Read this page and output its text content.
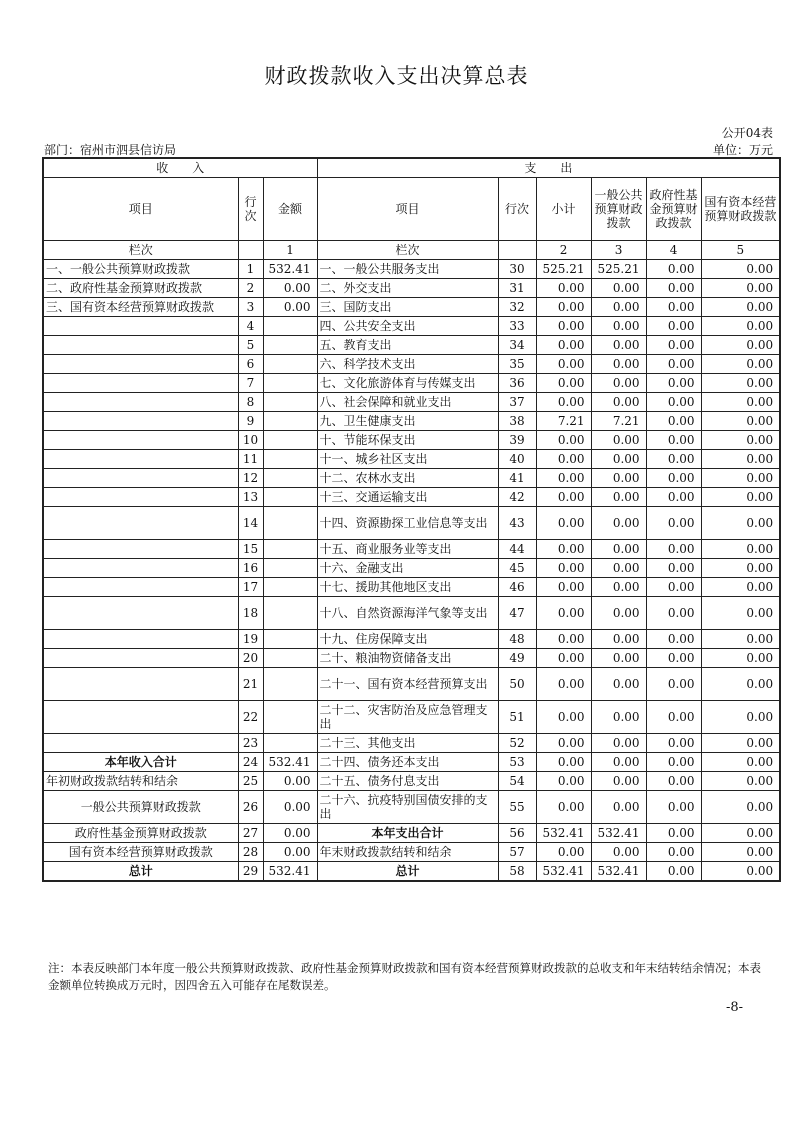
财政拨款收入支出决算总表
公开04表
部门：宿州市泗县信访局	单位：万元
收　　入			支　　出					
项目	行次	金额	项目	行次	小计	一般公共预算财政拨款	政府性基金预算财政拨款	国有资本经营预算财政拨款
栏次		1	栏次		2	3	4	5
一、一般公共预算财政拨款	1	532.41	一、一般公共服务支出	30	525.21	525.21	0.00	0.00
二、政府性基金预算财政拨款	2	0.00	二、外交支出	31	0.00	0.00	0.00	0.00
三、国有资本经营预算财政拨款	3	0.00	三、国防支出	32	0.00	0.00	0.00	0.00
	4		四、公共安全支出	33	0.00	0.00	0.00	0.00
	5		五、教育支出	34	0.00	0.00	0.00	0.00
	6		六、科学技术支出	35	0.00	0.00	0.00	0.00
	7		七、文化旅游体育与传媒支出	36	0.00	0.00	0.00	0.00
	8		八、社会保障和就业支出	37	0.00	0.00	0.00	0.00
	9		九、卫生健康支出	38	7.21	7.21	0.00	0.00
	10		十、节能环保支出	39	0.00	0.00	0.00	0.00
	11		十一、城乡社区支出	40	0.00	0.00	0.00	0.00
	12		十二、农林水支出	41	0.00	0.00	0.00	0.00
	13		十三、交通运输支出	42	0.00	0.00	0.00	0.00
	14		十四、资源勘探工业信息等支出	43	0.00	0.00	0.00	0.00
	15		十五、商业服务业等支出	44	0.00	0.00	0.00	0.00
	16		十六、金融支出	45	0.00	0.00	0.00	0.00
	17		十七、援助其他地区支出	46	0.00	0.00	0.00	0.00
	18		十八、自然资源海洋气象等支出	47	0.00	0.00	0.00	0.00
	19		十九、住房保障支出	48	0.00	0.00	0.00	0.00
	20		二十、粮油物资储备支出	49	0.00	0.00	0.00	0.00
	21		二十一、国有资本经营预算支出	50	0.00	0.00	0.00	0.00
	22		二十二、灾害防治及应急管理支出	51	0.00	0.00	0.00	0.00
	23		二十三、其他支出	52	0.00	0.00	0.00	0.00
本年收入合计	24	532.41	二十四、债务还本支出	53	0.00	0.00	0.00	0.00
年初财政拨款结转和结余	25	0.00	二十五、债务付息支出	54	0.00	0.00	0.00	0.00
一般公共预算财政拨款	26	0.00	二十六、抗疫特别国债安排的支出	55	0.00	0.00	0.00	0.00
政府性基金预算财政拨款	27	0.00	本年支出合计	56	532.41	532.41	0.00	0.00
国有资本经营预算财政拨款	28	0.00	年末财政拨款结转和结余	57	0.00	0.00	0.00	0.00
总计	29	532.41	总计	58	532.41	532.41	0.00	0.00
注：本表反映部门本年度一般公共预算财政拨款、政府性基金预算财政拨款和国有资本经营预算财政拨款的总收支和年末结转结余情况；本表金额单位转换成万元时，因四舍五入可能存在尾数误差。
-8-
